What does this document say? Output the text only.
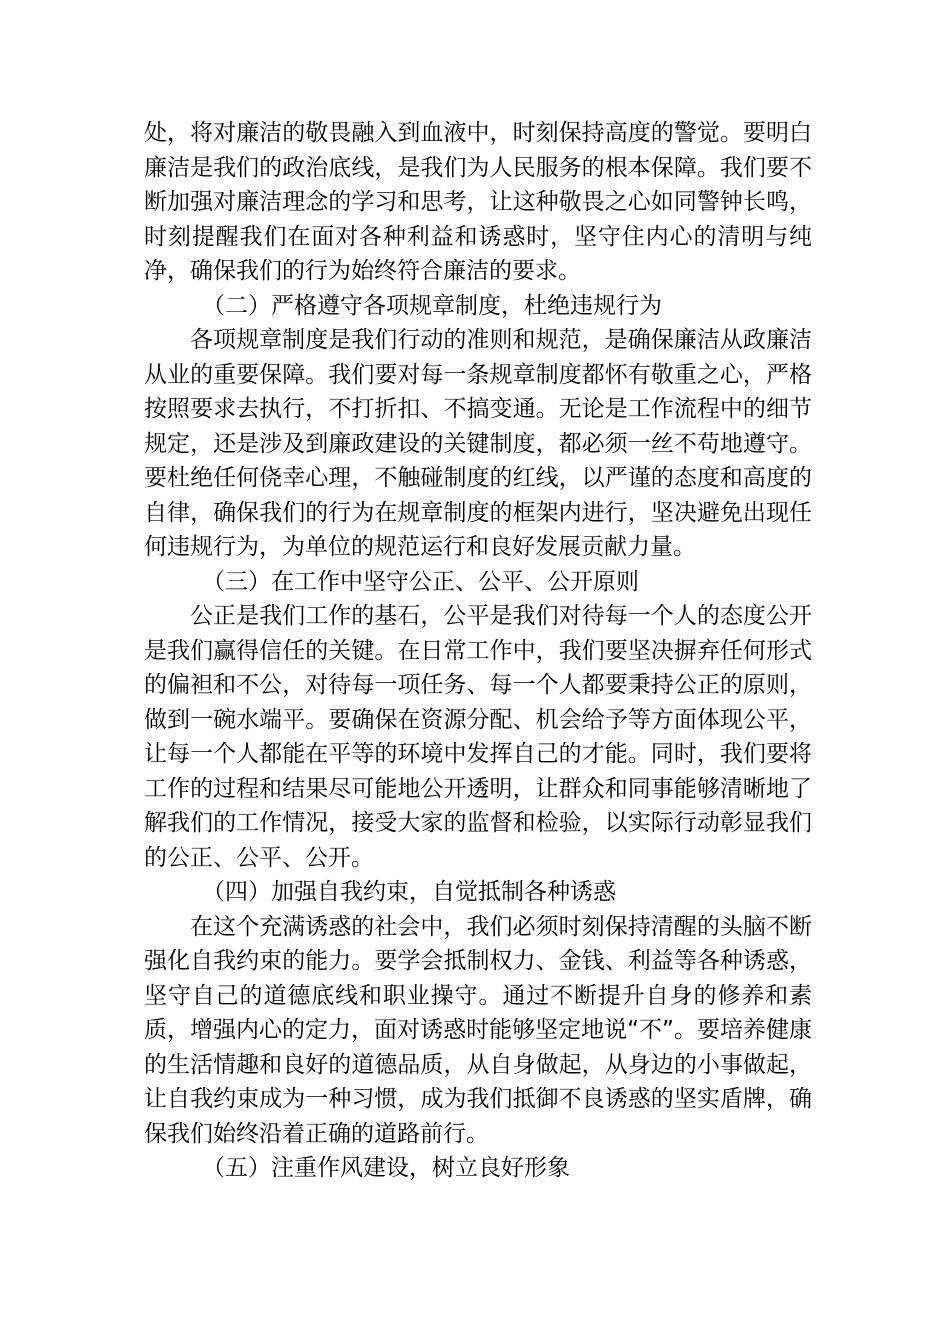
处，将对廉洁的敬畏融入到血液中，时刻保持高度的警觉。要明白廉洁是我们的政治底线，是我们为人民服务的根本保障。我们要不断加强对廉洁理念的学习和思考，让这种敬畏之心如同警钟长鸣，时刻提醒我们在面对各种利益和诱惑时，坚守住内心的清明与纯净，确保我们的行为始终符合廉洁的要求。

（二）严格遵守各项规章制度，杜绝违规行为

各项规章制度是我们行动的准则和规范，是确保廉洁从政廉洁从业的重要保障。我们要对每一条规章制度都怀有敬重之心，严格按照要求去执行，不打折扣、不搞变通。无论是工作流程中的细节规定，还是涉及到廉政建设的关键制度，都必须一丝不苟地遵守。要杜绝任何侥幸心理，不触碰制度的红线，以严谨的态度和高度的自律，确保我们的行为在规章制度的框架内进行，坚决避免出现任何违规行为，为单位的规范运行和良好发展贡献力量。

（三）在工作中坚守公正、公平、公开原则

公正是我们工作的基石，公平是我们对待每一个人的态度公开是我们赢得信任的关键。在日常工作中，我们要坚决摒弃任何形式的偏袒和不公，对待每一项任务、每一个人都要秉持公正的原则，做到一碗水端平。要确保在资源分配、机会给予等方面体现公平，让每一个人都能在平等的环境中发挥自己的才能。同时，我们要将工作的过程和结果尽可能地公开透明，让群众和同事能够清晰地了解我们的工作情况，接受大家的监督和检验，以实际行动彰显我们的公正、公平、公开。

（四）加强自我约束，自觉抵制各种诱惑

在这个充满诱惑的社会中，我们必须时刻保持清醒的头脑不断强化自我约束的能力。要学会抵制权力、金钱、利益等各种诱惑，坚守自己的道德底线和职业操守。通过不断提升自身的修养和素质，增强内心的定力，面对诱惑时能够坚定地说“不”。要培养健康的生活情趣和良好的道德品质，从自身做起，从身边的小事做起，让自我约束成为一种习惯，成为我们抵御不良诱惑的坚实盾牌，确保我们始终沿着正确的道路前行。

（五）注重作风建设，树立良好形象
